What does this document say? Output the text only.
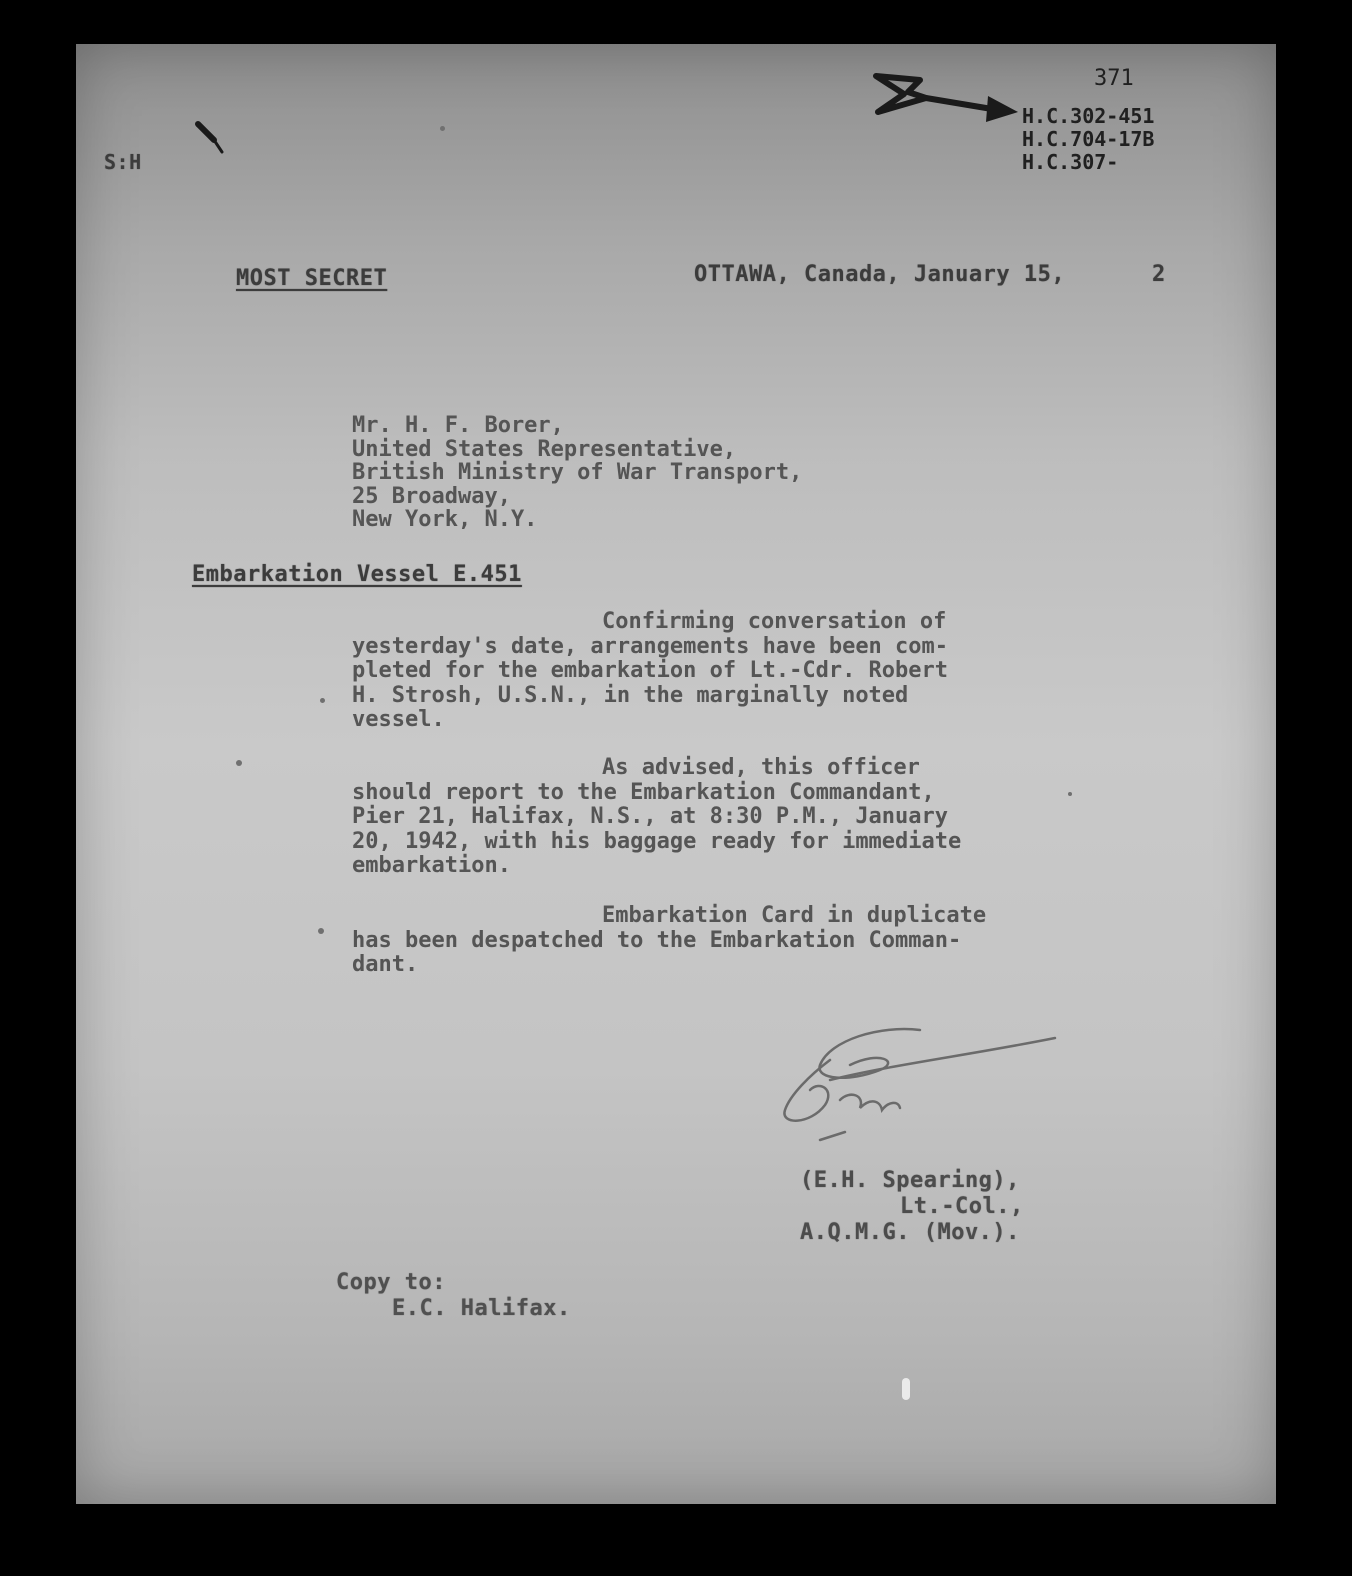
371
H.C.302-451
H.C.704-17B
H.C.307-
S:H
MOST SECRET	OTTAWA, Canada, January 15,	2
Mr. H. F. Borer,
United States Representative,
British Ministry of War Transport,
25 Broadway,
New York, N.Y.
Embarkation Vessel E.451
Confirming conversation of
yesterday's date, arrangements have been com-
pleted for the embarkation of Lt.-Cdr. Robert
H. Strosh, U.S.N., in the marginally noted
vessel.
As advised, this officer
should report to the Embarkation Commandant,
Pier 21, Halifax, N.S., at 8:30 P.M., January
20, 1942, with his baggage ready for immediate
embarkation.
Embarkation Card in duplicate
has been despatched to the Embarkation Comman-
dant.
(E.H. Spearing),
Lt.-Col.,
A.Q.M.G. (Mov.).
Copy to:
E.C. Halifax.
